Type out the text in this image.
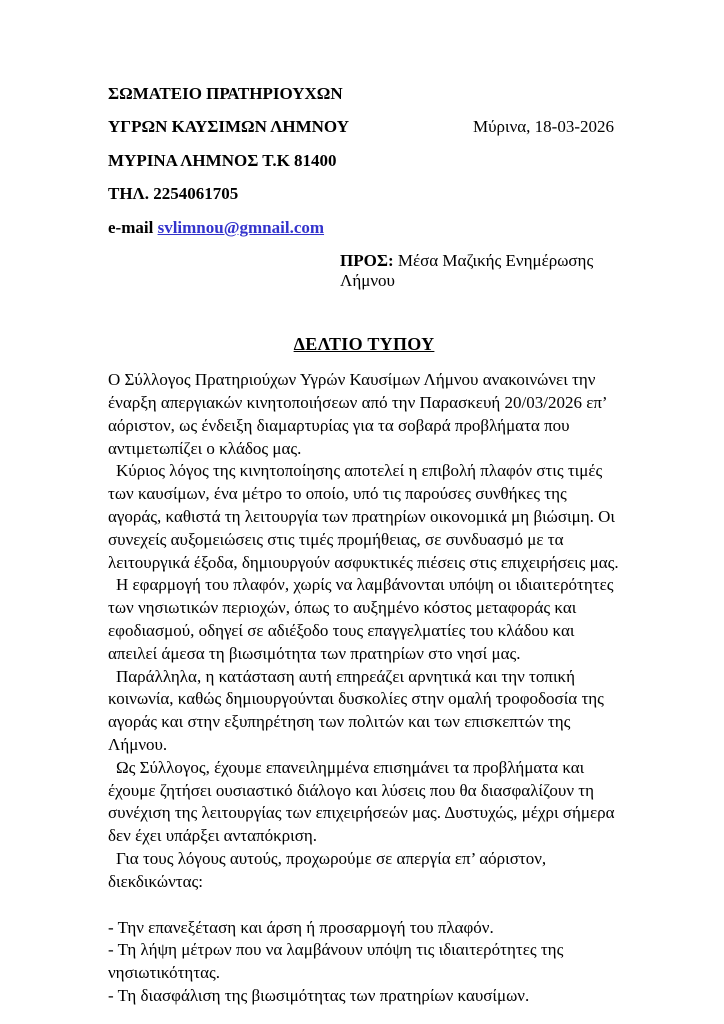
ΣΩΜΑΤΕΙΟ ΠΡΑΤΗΡΙΟΥΧΩΝ

ΥΓΡΩΝ ΚΑΥΣΙΜΩΝ ΛΗΜΝΟΥ	Μύρινα, 18-03-2026

ΜΥΡΙΝΑ ΛΗΜΝΟΣ Τ.Κ 81400

ΤΗΛ. 2254061705

e-mail svlimnou@gmnail.com

ΠΡΟΣ: Μέσα Μαζικής Ενημέρωσης Λήμνου
ΔΕΛΤΙΟ ΤΥΠΟΥ

Ο Σύλλογος Πρατηριούχων Υγρών Καυσίμων Λήμνου ανακοινώνει την έναρξη απεργιακών κινητοποιήσεων από την Παρασκευή 20/03/2026 επ’ αόριστον, ως ένδειξη διαμαρτυρίας για τα σοβαρά προβλήματα που αντιμετωπίζει ο κλάδος μας.

Κύριος λόγος της κινητοποίησης αποτελεί η επιβολή πλαφόν στις τιμές των καυσίμων, ένα μέτρο το οποίο, υπό τις παρούσες συνθήκες της αγοράς, καθιστά τη λειτουργία των πρατηρίων οικονομικά μη βιώσιμη. Οι συνεχείς αυξομειώσεις στις τιμές προμήθειας, σε συνδυασμό με τα λειτουργικά έξοδα, δημιουργούν ασφυκτικές πιέσεις στις επιχειρήσεις μας.

Η εφαρμογή του πλαφόν, χωρίς να λαμβάνονται υπόψη οι ιδιαιτερότητες των νησιωτικών περιοχών, όπως το αυξημένο κόστος μεταφοράς και εφοδιασμού, οδηγεί σε αδιέξοδο τους επαγγελματίες του κλάδου και απειλεί άμεσα τη βιωσιμότητα των πρατηρίων στο νησί μας.

Παράλληλα, η κατάσταση αυτή επηρεάζει αρνητικά και την τοπική κοινωνία, καθώς δημιουργούνται δυσκολίες στην ομαλή τροφοδοσία της αγοράς και στην εξυπηρέτηση των πολιτών και των επισκεπτών της Λήμνου.

Ως Σύλλογος, έχουμε επανειλημμένα επισημάνει τα προβλήματα και έχουμε ζητήσει ουσιαστικό διάλογο και λύσεις που θα διασφαλίζουν τη συνέχιση της λειτουργίας των επιχειρήσεών μας. Δυστυχώς, μέχρι σήμερα δεν έχει υπάρξει ανταπόκριση.

Για τους λόγους αυτούς, προχωρούμε σε απεργία επ’ αόριστον, διεκδικώντας:

- Την επανεξέταση και άρση ή προσαρμογή του πλαφόν.

- Τη λήψη μέτρων που να λαμβάνουν υπόψη τις ιδιαιτερότητες της νησιωτικότητας.

- Τη διασφάλιση της βιωσιμότητας των πρατηρίων καυσίμων.
